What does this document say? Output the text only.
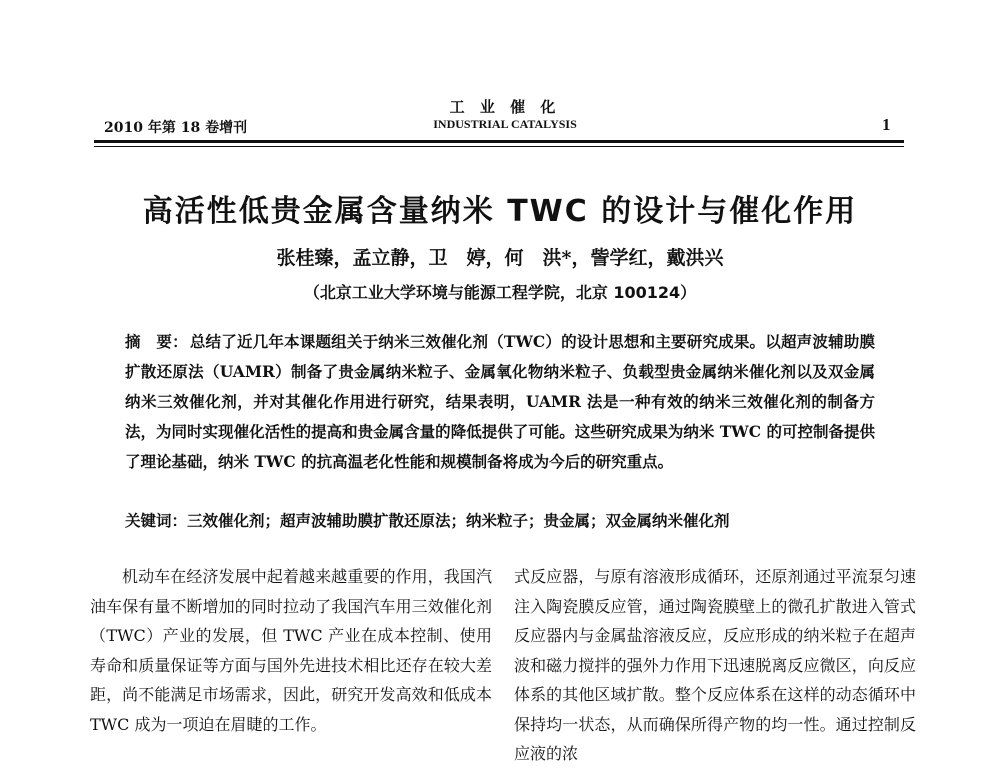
2010 年第 18 卷增刊
工 业 催 化
INDUSTRIAL CATALYSIS	1
高活性低贵金属含量纳米 TWC 的设计与催化作用
张桂臻，孟立静，卫　婷，何　洪*，訾学红，戴洪兴
（北京工业大学环境与能源工程学院，北京 100124）
摘　要： 总结了近几年本课题组关于纳米三效催化剂（TWC）的设计思想和主要研究成果。以超声波辅助膜扩散还原法（UAMR）制备了贵金属纳米粒子、金属氧化物纳米粒子、负载型贵金属纳米催化剂以及双金属纳米三效催化剂，并对其催化作用进行研究，结果表明，UAMR 法是一种有效的纳米三效催化剂的制备方法，为同时实现催化活性的提高和贵金属含量的降低提供了可能。这些研究成果为纳米 TWC 的可控制备提供了理论基础，纳米 TWC 的抗高温老化性能和规模制备将成为今后的研究重点。
关键词：三效催化剂；超声波辅助膜扩散还原法；纳米粒子；贵金属；双金属纳米催化剂

机动车在经济发展中起着越来越重要的作用，我国汽油车保有量不断增加的同时拉动了我国汽车用三效催化剂（TWC）产业的发展，但 TWC 产业在成本控制、使用寿命和质量保证等方面与国外先进技术相比还存在较大差距，尚不能满足市场需求，因此，研究开发高效和低成本 TWC 成为一项迫在眉睫的工作。

式反应器，与原有溶液形成循环，还原剂通过平流泵匀速注入陶瓷膜反应管，通过陶瓷膜壁上的微孔扩散进入管式反应器内与金属盐溶液反应，反应形成的纳米粒子在超声波和磁力搅拌的强外力作用下迅速脱离反应微区，向反应体系的其他区域扩散。整个反应体系在这样的动态循环中保持均一状态，从而确保所得产物的均一性。通过控制反应液的浓
